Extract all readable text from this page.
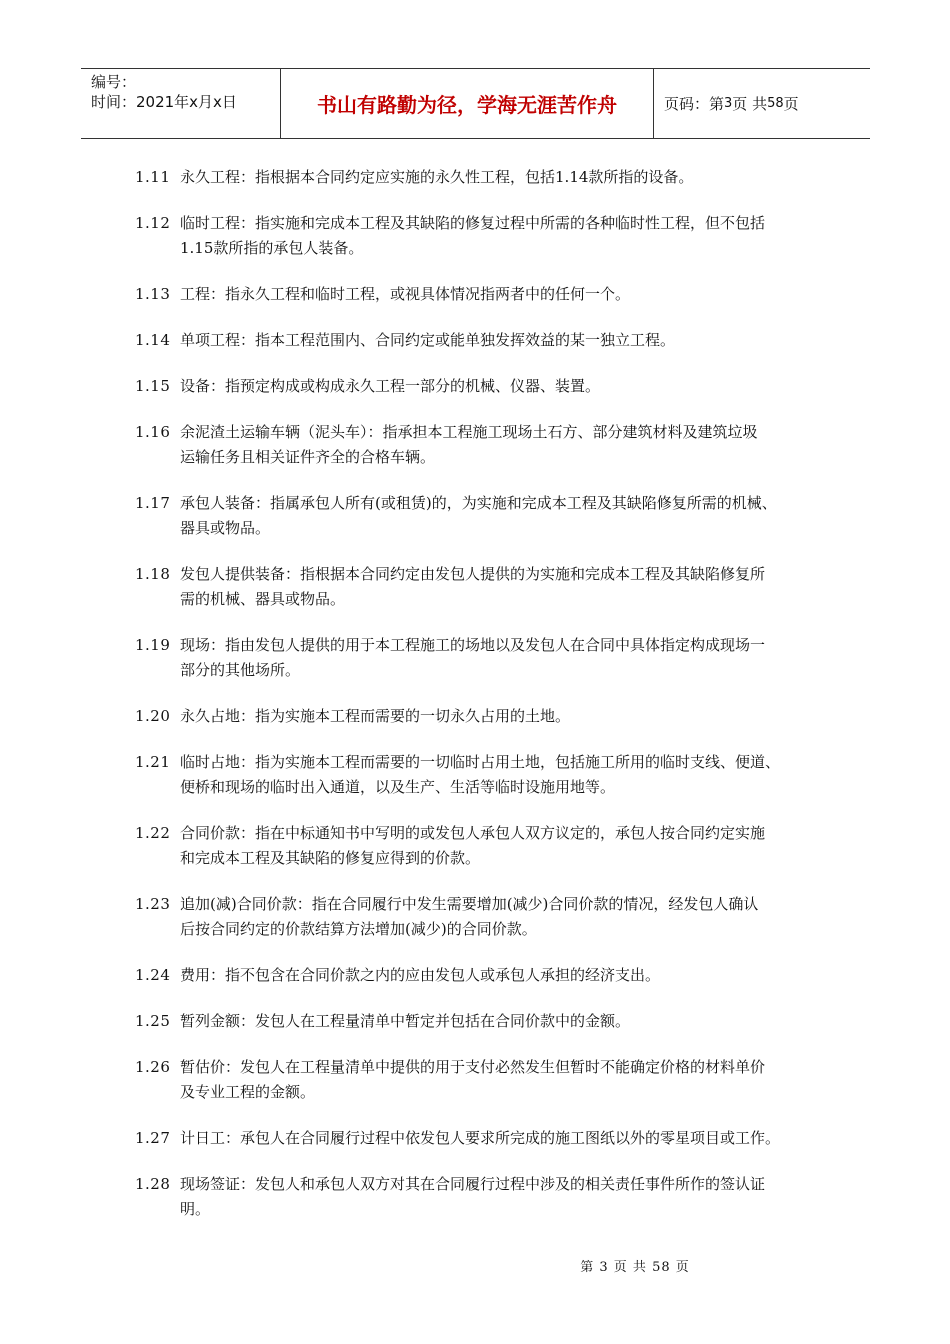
编号：
时间：2021年x月x日	书山有路勤为径，学海无涯苦作舟	页码：第 3 页 共 58 页
1.11 永久工程：指根据本合同约定应实施的永久性工程，包括1.14款所指的设备。
1.12 临时工程：指实施和完成本工程及其缺陷的修复过程中所需的各种临时性工程，但不包括
1.15款所指的承包人装备。
1.13 工程：指永久工程和临时工程，或视具体情况指两者中的任何一个。
1.14 单项工程：指本工程范围内、合同约定或能单独发挥效益的某一独立工程。
1.15 设备：指预定构成或构成永久工程一部分的机械、仪器、装置。
1.16 余泥渣土运输车辆（泥头车）：指承担本工程施工现场土石方、部分建筑材料及建筑垃圾
运输任务且相关证件齐全的合格车辆。
1.17 承包人装备：指属承包人所有(或租赁)的，为实施和完成本工程及其缺陷修复所需的机械、
器具或物品。
1.18 发包人提供装备：指根据本合同约定由发包人提供的为实施和完成本工程及其缺陷修复所
需的机械、器具或物品。
1.19 现场：指由发包人提供的用于本工程施工的场地以及发包人在合同中具体指定构成现场一
部分的其他场所。
1.20 永久占地：指为实施本工程而需要的一切永久占用的土地。
1.21 临时占地：指为实施本工程而需要的一切临时占用土地，包括施工所用的临时支线、便道、
便桥和现场的临时出入通道，以及生产、生活等临时设施用地等。
1.22 合同价款：指在中标通知书中写明的或发包人承包人双方议定的，承包人按合同约定实施
和完成本工程及其缺陷的修复应得到的价款。
1.23 追加(减)合同价款：指在合同履行中发生需要增加(减少)合同价款的情况，经发包人确认
后按合同约定的价款结算方法增加(减少)的合同价款。
1.24 费用：指不包含在合同价款之内的应由发包人或承包人承担的经济支出。
1.25 暂列金额：发包人在工程量清单中暂定并包括在合同价款中的金额。
1.26 暂估价：发包人在工程量清单中提供的用于支付必然发生但暂时不能确定价格的材料单价
及专业工程的金额。
1.27 计日工：承包人在合同履行过程中依发包人要求所完成的施工图纸以外的零星项目或工作。
1.28 现场签证：发包人和承包人双方对其在合同履行过程中涉及的相关责任事件所作的签认证
明。
第 3 页 共 58 页
